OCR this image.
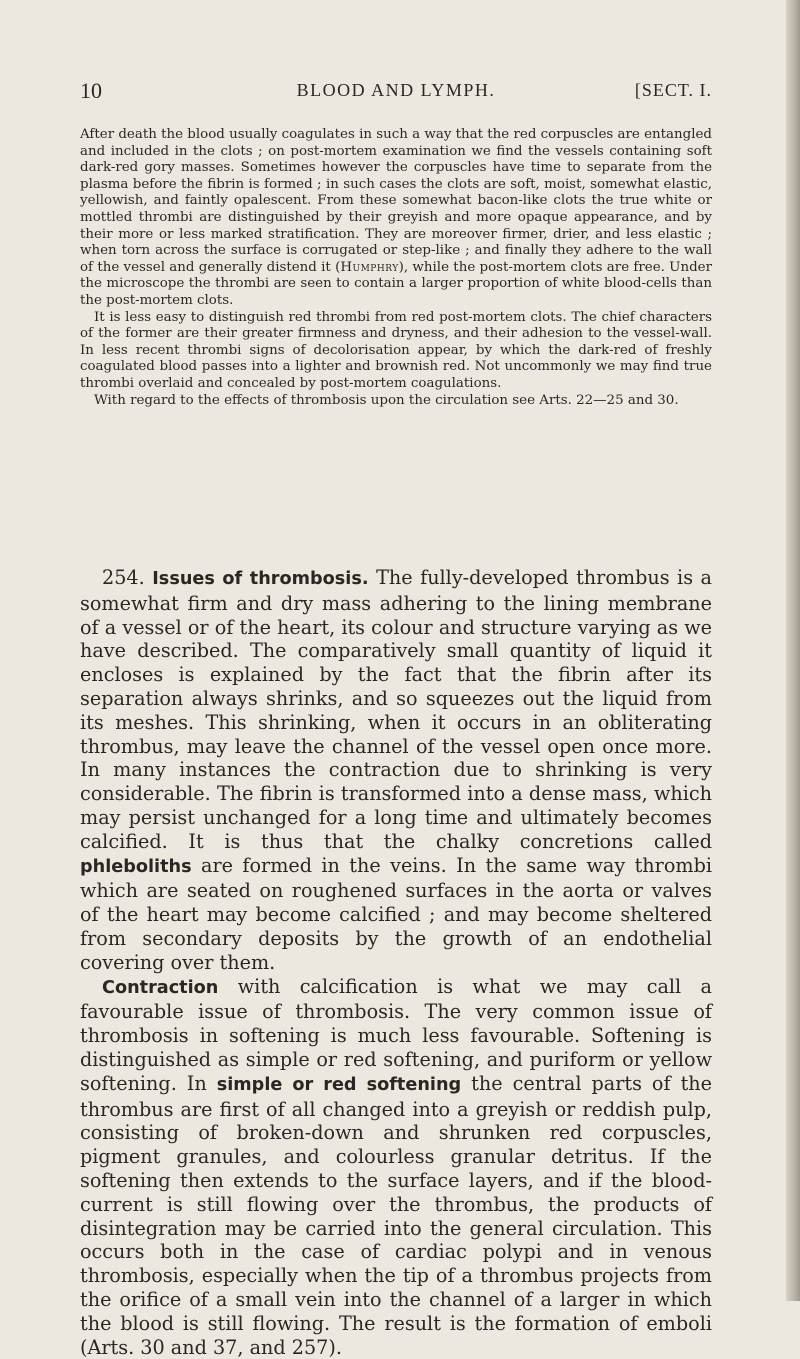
10	BLOOD AND LYMPH.	[SECT. I.

After death the blood usually coagulates in such a way that the red corpuscles are entangled and included in the clots ; on post-mortem examination we find the vessels containing soft dark-red gory masses. Sometimes however the corpuscles have time to separate from the plasma before the fibrin is formed ; in such cases the clots are soft, moist, somewhat elastic, yellowish, and faintly opalescent. From these somewhat bacon-like clots the true white or mottled thrombi are distinguished by their greyish and more opaque appearance, and by their more or less marked stratification. They are moreover firmer, drier, and less elastic ; when torn across the surface is corrugated or step-like ; and finally they adhere to the wall of the vessel and generally distend it (Humphry), while the post-mortem clots are free. Under the microscope the thrombi are seen to contain a larger proportion of white blood-cells than the post-mortem clots.

It is less easy to distinguish red thrombi from red post-mortem clots. The chief characters of the former are their greater firmness and dryness, and their adhesion to the vessel-wall. In less recent thrombi signs of decolorisation appear, by which the dark-red of freshly coagulated blood passes into a lighter and brownish red. Not uncommonly we may find true thrombi overlaid and concealed by post-mortem coagulations.

With regard to the effects of thrombosis upon the circulation see Arts. 22—25 and 30.

254. Issues of thrombosis. The fully-developed thrombus is a somewhat firm and dry mass adhering to the lining membrane of a vessel or of the heart, its colour and structure varying as we have described. The comparatively small quantity of liquid it encloses is explained by the fact that the fibrin after its separation always shrinks, and so squeezes out the liquid from its meshes. This shrinking, when it occurs in an obliterating thrombus, may leave the channel of the vessel open once more. In many instances the contraction due to shrinking is very considerable. The fibrin is transformed into a dense mass, which may persist unchanged for a long time and ultimately becomes calcified. It is thus that the chalky concretions called phleboliths are formed in the veins. In the same way thrombi which are seated on roughened surfaces in the aorta or valves of the heart may become calcified ; and may become sheltered from secondary deposits by the growth of an endothelial covering over them.

Contraction with calcification is what we may call a favourable issue of thrombosis. The very common issue of thrombosis in softening is much less favourable. Softening is distinguished as simple or red softening, and puriform or yellow softening. In simple or red softening the central parts of the thrombus are first of all changed into a greyish or reddish pulp, consisting of broken-down and shrunken red corpuscles, pigment granules, and colourless granular detritus. If the softening then extends to the surface layers, and if the blood-current is still flowing over the thrombus, the products of disintegration may be carried into the general circulation. This occurs both in the case of cardiac polypi and in venous thrombosis, especially when the tip of a thrombus projects from the orifice of a small vein into the channel of a larger in which the blood is still flowing. The result is the formation of emboli (Arts. 30 and 37, and 257).
